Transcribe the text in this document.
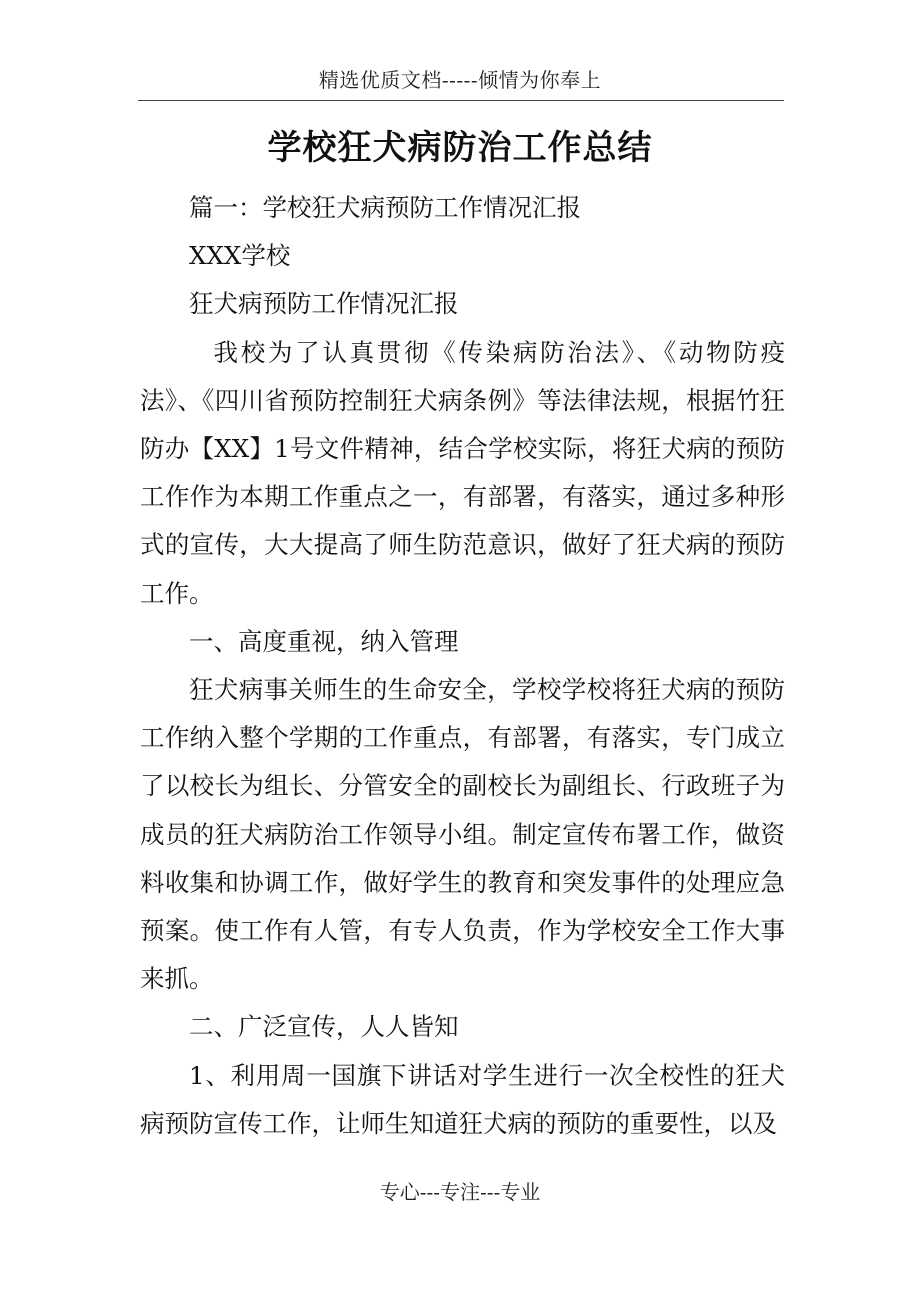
精选优质文档-----倾情为你奉上
学校狂犬病防治工作总结

篇一：学校狂犬病预防工作情况汇报

XXX学校

狂犬病预防工作情况汇报

我校为了认真贯彻《传染病防治法》、《动物防疫法》、《四川省预防控制狂犬病条例》等法律法规，根据竹狂防办【XX】1号文件精神，结合学校实际，将狂犬病的预防工作作为本期工作重点之一，有部署，有落实，通过多种形式的宣传，大大提高了师生防范意识，做好了狂犬病的预防工作。

一、高度重视，纳入管理

狂犬病事关师生的生命安全，学校学校将狂犬病的预防工作纳入整个学期的工作重点，有部署，有落实，专门成立了以校长为组长、分管安全的副校长为副组长、行政班子为成员的狂犬病防治工作领导小组。制定宣传布署工作，做资料收集和协调工作，做好学生的教育和突发事件的处理应急预案。使工作有人管，有专人负责，作为学校安全工作大事来抓。

二、广泛宣传，人人皆知

1、利用周一国旗下讲话对学生进行一次全校性的狂犬病预防宣传工作，让师生知道狂犬病的预防的重要性，以及

专心---专注---专业
